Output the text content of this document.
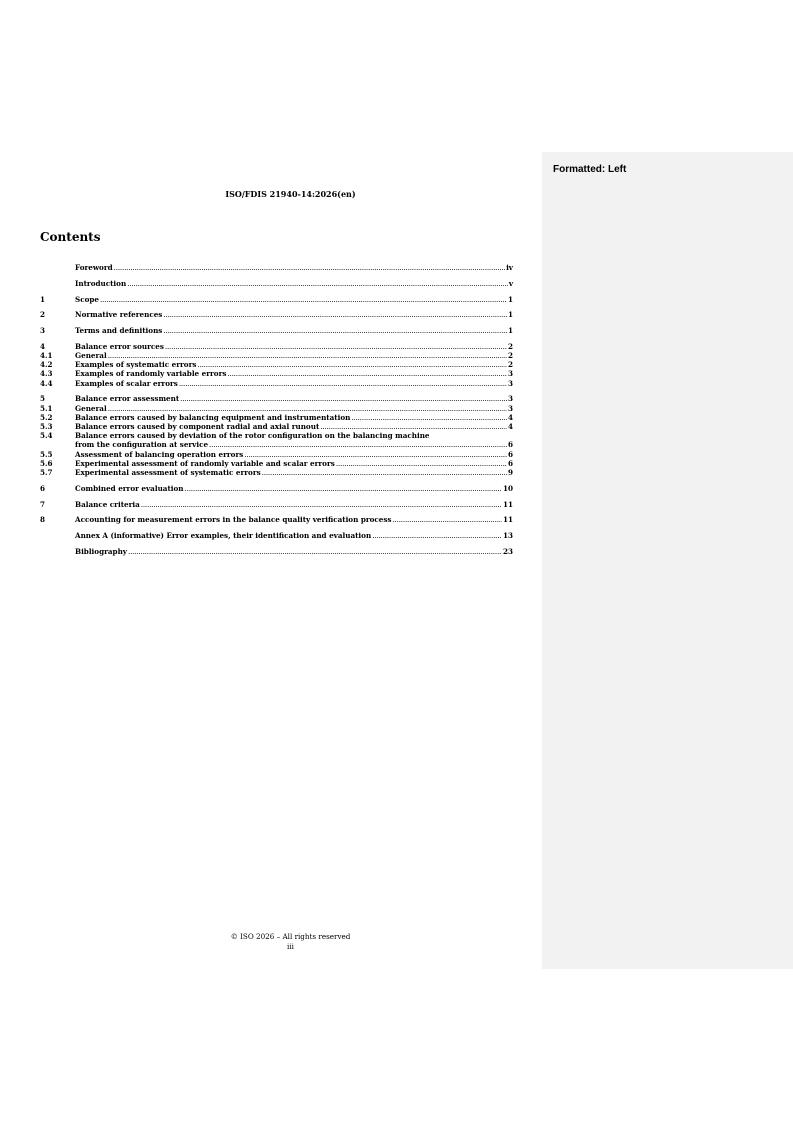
Formatted: Left
ISO/FDIS 21940-14:2026(en)
Contents
Foreword .....	iv
Introduction .....	v
1	Scope .....	1
2	Normative references .....	1
3	Terms and definitions .....	1
4	Balance error sources .....	2
4.1	General .....	2
4.2	Examples of systematic errors .....	2
4.3	Examples of randomly variable errors .....	3
4.4	Examples of scalar errors .....	3
5	Balance error assessment .....	3
5.1	General .....	3
5.2	Balance errors caused by balancing equipment and instrumentation .....	4
5.3	Balance errors caused by component radial and axial runout .....	4
5.4	Balance errors caused by deviation of the rotor configuration on the balancing machine
from the configuration at service .....	6
5.5	Assessment of balancing operation errors .....	6
5.6	Experimental assessment of randomly variable and scalar errors .....	6
5.7	Experimental assessment of systematic errors .....	9
6	Combined error evaluation .....	10
7	Balance criteria .....	11
8	Accounting for measurement errors in the balance quality verification process .....	11
Annex A (informative) Error examples, their identification and evaluation .....	13
Bibliography .....	23
© ISO 2026 – All rights reserved
iii
